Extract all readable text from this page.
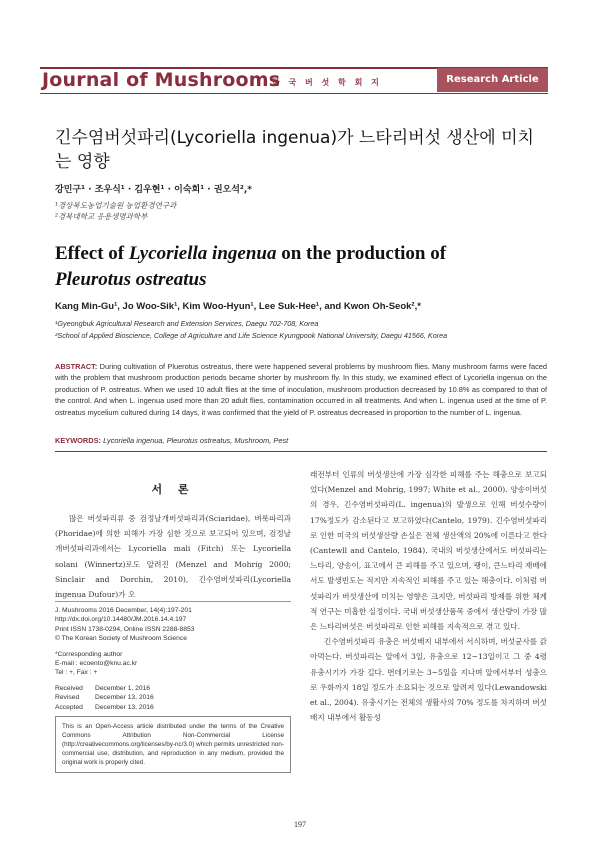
Journal of Mushrooms
한 국 버 섯 학 회 지	Research Article
긴수염버섯파리(Lycoriella ingenua)가 느타리버섯 생산에 미치는 영향
강민구¹ · 조우식¹ · 김우현¹ · 이숙희¹ · 권오석²,*
¹경상북도농업기술원 농업환경연구과
²경북대학교 응용생명과학부
Effect of Lycoriella ingenua on the production of
Pleurotus ostreatus
Kang Min-Gu¹, Jo Woo-Sik¹, Kim Woo-Hyun¹, Lee Suk-Hee¹, and Kwon Oh-Seok²,*
¹Gyeongbuk Agricultural Research and Extension Services, Daegu 702-708, Korea
²School of Applied Bioscience, College of Agriculture and Life Science Kyungpook National University, Daegu 41566, Korea
ABSTRACT: During cultivation of Pluerotus ostreatus, there were happened several problems by mushroom flies. Many mushroom farms were faced with the problem that mushroom production periods became shorter by mushroom fly. In this study, we examined effect of Lycoriella ingenua on the production of P. ostreatus. When we used 10 adult flies at the time of inoculation, mushroom production decreased by 10.8% as compared to that of the control. And when L. ingenua used more than 20 adult flies, contamination occurred in all treatments. And when L. ingenua used at the time of P. ostreatus mycelium cultured during 14 days, it was confirmed that the yield of P. ostreatus decreased in proportion to the number of L. ingenua.
KEYWORDS: Lycoriella ingenua, Pleurotus ostreatus, Mushroom, Pest
서 론
많은 버섯파리류 중 검정날개버섯파리과(Sciaridae), 벼룩파리과(Phoridae)에 의한 피해가 가장 심한 것으로 보고되어 있으며, 검정날개버섯파리과에서는 Lycoriella mali (Fitch) 또는 Lycoriella solani (Winnertz)로도 알려진 (Menzel and Mohrig 2000; Sinclair and Dorchin, 2010), 긴수염버섯파리(Lycoriella ingenua Dufour)가 오

래전부터 인류의 버섯생산에 가장 심각한 피해를 주는 해충으로 보고되었다(Menzel and Mohrig, 1997; White et al., 2000). 양송이버섯의 경우, 긴수염버섯파리(L. ingenua)의 발생으로 인해 버섯수량이 17%정도가 감소된다고 보고하였다(Cantelo, 1979). 긴수염버섯파리로 인한 미국의 버섯생산량 손실은 전체 생산액의 20%에 이른다고 한다(Cantewll and Cantelo, 1984). 국내의 버섯생산에서도 버섯파리는 느타리, 양송이, 표고에서 큰 피해를 주고 있으며, 팽이, 큰느타리 재배에서도 발생빈도는 적지만 지속적인 피해를 주고 있는 해충이다. 이처럼 버섯파리가 버섯생산에 미치는 영향은 크지만, 버섯파리 방제를 위한 체계적 연구는 미흡한 실정이다. 국내 버섯생산품목 중에서 생산량이 가장 많은 느타리버섯은 버섯파리로 인한 피해를 지속적으로 겪고 있다.

긴수염버섯파리 유충은 버섯배지 내부에서 서식하며, 버섯균사를 갉아먹는다. 버섯파리는 알에서 3일, 유충으로 12~13일이고 그 중 4령 유충시기가 가장 길다. 번데기로는 3~5일을 지나며 알에서부터 성충으로 우화까지 18일 정도가 소요되는 것으로 알려져 있다(Lewandowski et al., 2004). 유충시기는 전체의 생활사의 70% 정도를 차지하며 버섯배지 내부에서 활동성

J. Mushrooms 2016 December, 14(4):197-201
http://dx.doi.org/10.14480/JM.2016.14.4.197
Print ISSN 1738-0294, Online ISSN 2288-8853
© The Korean Society of Mushroom Science
*Corresponding author
E-mail : ecoento@knu.ac.kr
Tel : +, Fax : +
Received	December 1, 2016
Revised	December 13, 2016
Accepted	December 13, 2016
This is an Open-Access article distributed under the terms of the Creative Commons Attribution Non-Commercial License (http://creativecommons.org/licenses/by-nc/3.0) which permits unrestricted non-commercial use, distribution, and reproduction in any medium, provided the original work is properly cited.
197
